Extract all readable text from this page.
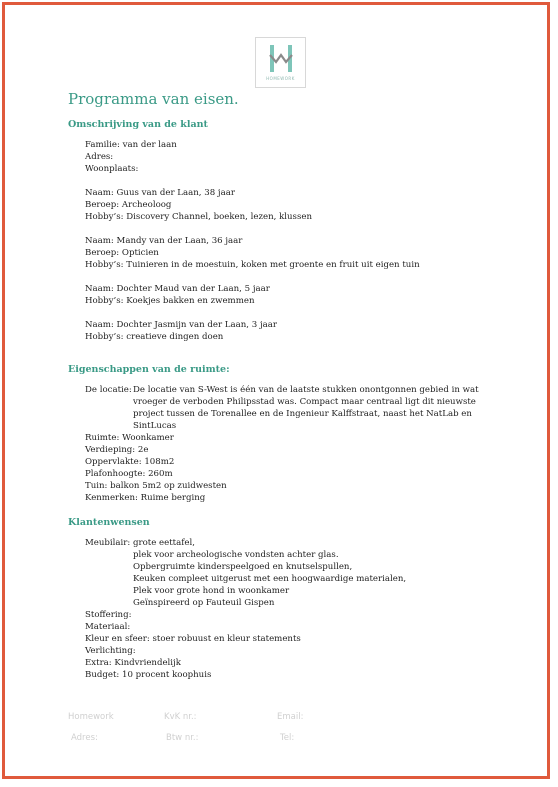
HOMEWORK
Programma van eisen.
Omschrijving van de klant
Familie: van der laan
Adres:
Woonplaats:
Naam: Guus van der Laan, 38 jaar
Beroep: Archeoloog
Hobby’s: Discovery Channel, boeken, lezen, klussen
Naam: Mandy van der Laan, 36 jaar
Beroep: Opticien
Hobby’s: Tuinieren in de moestuin, koken met groente en fruit uit eigen tuin
Naam: Dochter Maud van der Laan, 5 jaar
Hobby’s: Koekjes bakken en zwemmen
Naam: Dochter Jasmijn van der Laan, 3 jaar
Hobby’s: creatieve dingen doen
Eigenschappen van de ruimte:
De locatie: De locatie van S-West is één van de laatste stukken onontgonnen gebied in wat
vroeger de verboden Philipsstad was. Compact maar centraal ligt dit nieuwste
project tussen de Torenallee en de Ingenieur Kalffstraat, naast het NatLab en
SintLucas
Ruimte: Woonkamer
Verdieping: 2e
Oppervlakte: 108m2
Plafonhoogte: 260m
Tuin: balkon 5m2 op zuidwesten
Kenmerken: Ruime berging
Klantenwensen
Meubilair: grote eettafel,
plek voor archeologische vondsten achter glas.
Opbergruimte kinderspeelgoed en knutselspullen,
Keuken compleet uitgerust met een hoogwaardige materialen,
Plek voor grote hond in woonkamer
Geïnspireerd op Fauteuil Gispen
Stoffering:
Materiaal:
Kleur en sfeer: stoer robuust en kleur statements
Verlichting:
Extra: Kindvriendelijk
Budget: 10 procent koophuis
Homework	KvK nr.:	Email:
Adres:	Btw nr.:	Tel:
